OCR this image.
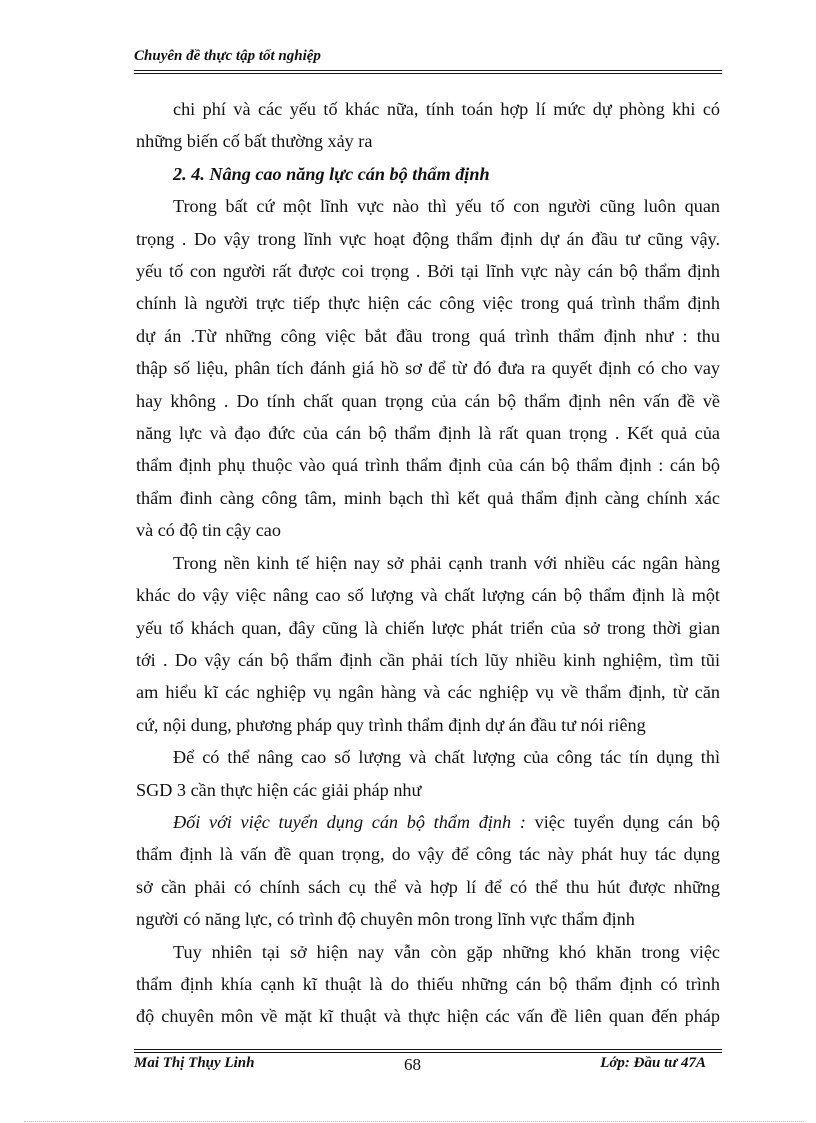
Chuyên đề thực tập tốt nghiệp

chi phí và các yếu tố khác nữa, tính toán hợp lí mức dự phòng khi có

những biến cố bất thường xảy ra

2. 4. Nâng cao năng lực cán bộ thẩm định

Trong bất cứ một lĩnh vực nào thì yếu tố con người cũng luôn quan

trọng . Do vậy trong lĩnh vực hoạt động thẩm định dự án đầu tư cũng vậy.

yếu tố con người rất được coi trọng . Bởi tại lĩnh vực này cán bộ thẩm định

chính là người trực tiếp thực hiện các công việc trong quá trình thẩm định

dự án .Từ những công việc bắt đầu trong quá trình thẩm định như : thu

thập số liệu, phân tích đánh giá hồ sơ để từ đó đưa ra quyết định có cho vay

hay không . Do tính chất quan trọng của cán bộ thẩm định nên vấn đề về

năng lực và đạo đức của cán bộ thẩm định là rất quan trọng . Kết quả của

thẩm định phụ thuộc vào quá trình thẩm định của cán bộ thẩm định : cán bộ

thẩm đinh càng công tâm, minh bạch thì kết quả thẩm định càng chính xác

và có độ tin cậy cao

Trong nền kinh tế hiện nay sở phải cạnh tranh với nhiều các ngân hàng

khác do vậy việc nâng cao số lượng và chất lượng cán bộ thẩm định là một

yếu tố khách quan, đây cũng là chiến lược phát triển của sở trong thời gian

tới . Do vậy cán bộ thẩm định cần phải tích lũy nhiều kinh nghiệm, tìm tũi

am hiểu kĩ các nghiệp vụ ngân hàng và các nghiệp vụ về thẩm định, từ căn

cứ, nội dung, phương pháp quy trình thẩm định dự án đầu tư nói riêng

Để có thể nâng cao số lượng và chất lượng của công tác tín dụng thì

SGD 3 cần thực hiện các giải pháp như

Đối với việc tuyển dụng cán bộ thẩm định : việc tuyển dụng cán bộ

thẩm định là vấn đề quan trọng, do vậy để công tác này phát huy tác dụng

sở cần phải có chính sách cụ thể và hợp lí để có thể thu hút được những

người có năng lực, có trình độ chuyên môn trong lĩnh vực thẩm định

Tuy nhiên tại sở hiện nay vẫn còn gặp những khó khăn trong việc

thẩm định khía cạnh kĩ thuật là do thiếu những cán bộ thẩm định có trình

độ chuyên môn về mặt kĩ thuật và thực hiện các vấn đề liên quan đến pháp

Mai Thị Thụy Linh	68	Lớp: Đầu tư 47A
